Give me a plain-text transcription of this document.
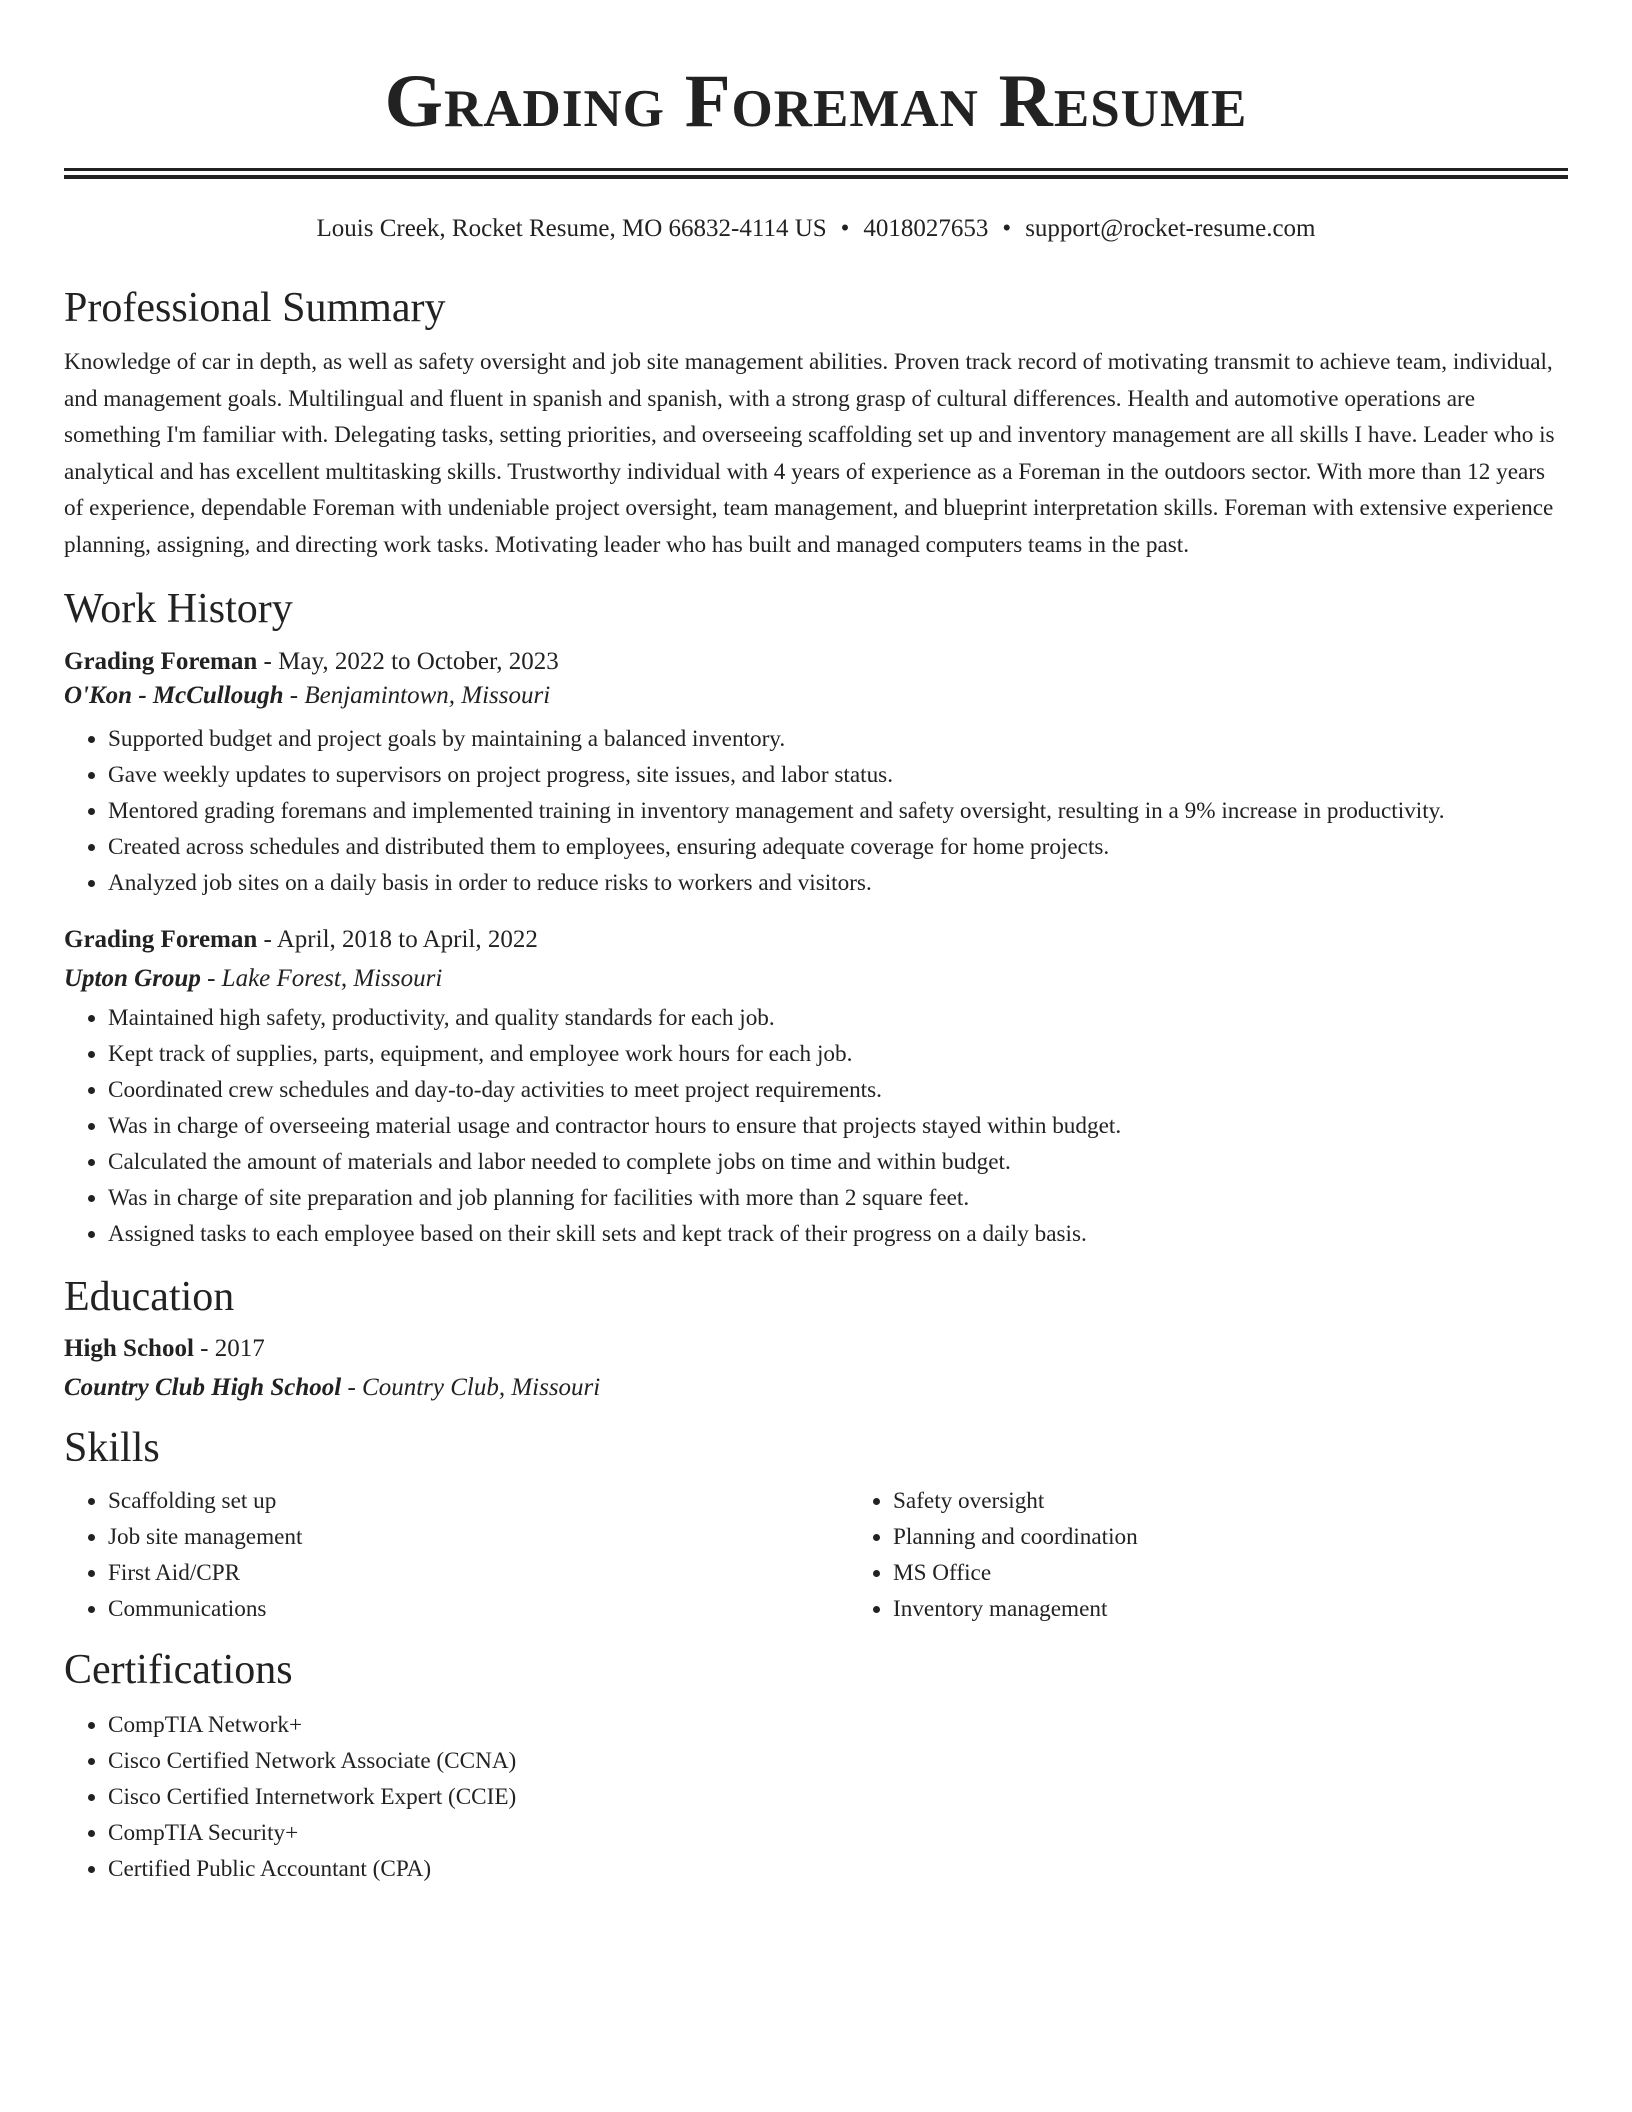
Grading Foreman Resume
Louis Creek, Rocket Resume, MO 66832-4114 US • 4018027653 • support@rocket-resume.com
Professional Summary

Knowledge of car in depth, as well as safety oversight and job site management abilities. Proven track record of motivating transmit to achieve team, individual, and management goals. Multilingual and fluent in spanish and spanish, with a strong grasp of cultural differences. Health and automotive operations are something I'm familiar with. Delegating tasks, setting priorities, and overseeing scaffolding set up and inventory management are all skills I have. Leader who is analytical and has excellent multitasking skills. Trustworthy individual with 4 years of experience as a Foreman in the outdoors sector. With more than 12 years of experience, dependable Foreman with undeniable project oversight, team management, and blueprint interpretation skills. Foreman with extensive experience planning, assigning, and directing work tasks. Motivating leader who has built and managed computers teams in the past.

Work History

Grading Foreman - May, 2022 to October, 2023

O'Kon - McCullough - Benjamintown, Missouri

• Supported budget and project goals by maintaining a balanced inventory.
• Gave weekly updates to supervisors on project progress, site issues, and labor status.
• Mentored grading foremans and implemented training in inventory management and safety oversight, resulting in a 9% increase in productivity.
• Created across schedules and distributed them to employees, ensuring adequate coverage for home projects.
• Analyzed job sites on a daily basis in order to reduce risks to workers and visitors.

Grading Foreman - April, 2018 to April, 2022

Upton Group - Lake Forest, Missouri

• Maintained high safety, productivity, and quality standards for each job.
• Kept track of supplies, parts, equipment, and employee work hours for each job.
• Coordinated crew schedules and day-to-day activities to meet project requirements.
• Was in charge of overseeing material usage and contractor hours to ensure that projects stayed within budget.
• Calculated the amount of materials and labor needed to complete jobs on time and within budget.
• Was in charge of site preparation and job planning for facilities with more than 2 square feet.
• Assigned tasks to each employee based on their skill sets and kept track of their progress on a daily basis.
Education

High School - 2017

Country Club High School - Country Club, Missouri

Skills
• Scaffolding set up
• Job site management
• First Aid/CPR
• Communications
• Safety oversight
• Planning and coordination
• MS Office
• Inventory management
Certifications
• CompTIA Network+
• Cisco Certified Network Associate (CCNA)
• Cisco Certified Internetwork Expert (CCIE)
• CompTIA Security+
• Certified Public Accountant (CPA)
